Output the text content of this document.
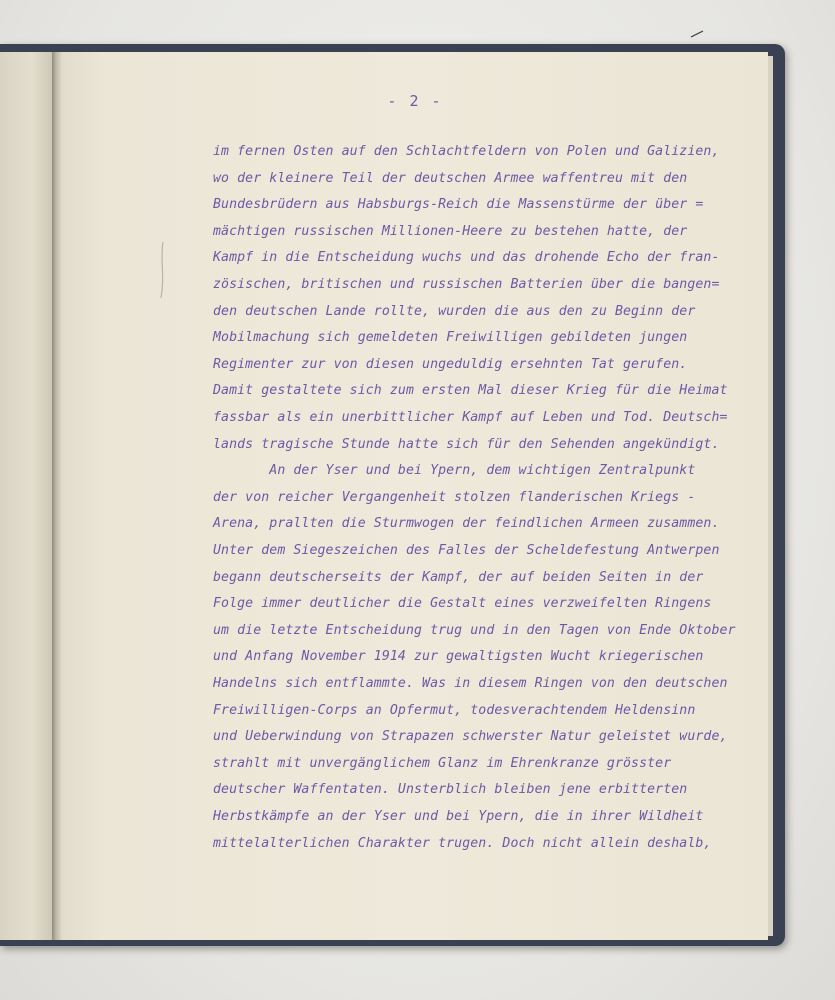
- 2 -
im fernen Osten auf den Schlachtfeldern von Polen und Galizien,
wo der kleinere Teil der deutschen Armee waffentreu mit den
Bundesbrüdern aus Habsburgs-Reich die Massenstürme der über =
mächtigen russischen Millionen-Heere zu bestehen hatte, der
Kampf in die Entscheidung wuchs und das drohende Echo der fran-
zösischen, britischen und russischen Batterien über die bangen=
den deutschen Lande rollte, wurden die aus den zu Beginn der
Mobilmachung sich gemeldeten Freiwilligen gebildeten jungen
Regimenter zur von diesen ungeduldig ersehnten Tat gerufen.
Damit gestaltete sich zum ersten Mal dieser Krieg für die Heimat
fassbar als ein unerbittlicher Kampf auf Leben und Tod. Deutsch=
lands tragische Stunde hatte sich für den Sehenden angekündigt.
An der Yser und bei Ypern, dem wichtigen Zentralpunkt
der von reicher Vergangenheit stolzen flanderischen Kriegs -
Arena, prallten die Sturmwogen der feindlichen Armeen zusammen.
Unter dem Siegeszeichen des Falles der Scheldefestung Antwerpen
begann deutscherseits der Kampf, der auf beiden Seiten in der
Folge immer deutlicher die Gestalt eines verzweifelten Ringens
um die letzte Entscheidung trug und in den Tagen von Ende Oktober
und Anfang November 1914 zur gewaltigsten Wucht kriegerischen
Handelns sich entflammte. Was in diesem Ringen von den deutschen
Freiwilligen-Corps an Opfermut, todesverachtendem Heldensinn
und Ueberwindung von Strapazen schwerster Natur geleistet wurde,
strahlt mit unvergänglichem Glanz im Ehrenkranze grösster
deutscher Waffentaten. Unsterblich bleiben jene erbitterten
Herbstkämpfe an der Yser und bei Ypern, die in ihrer Wildheit
mittelalterlichen Charakter trugen. Doch nicht allein deshalb,
